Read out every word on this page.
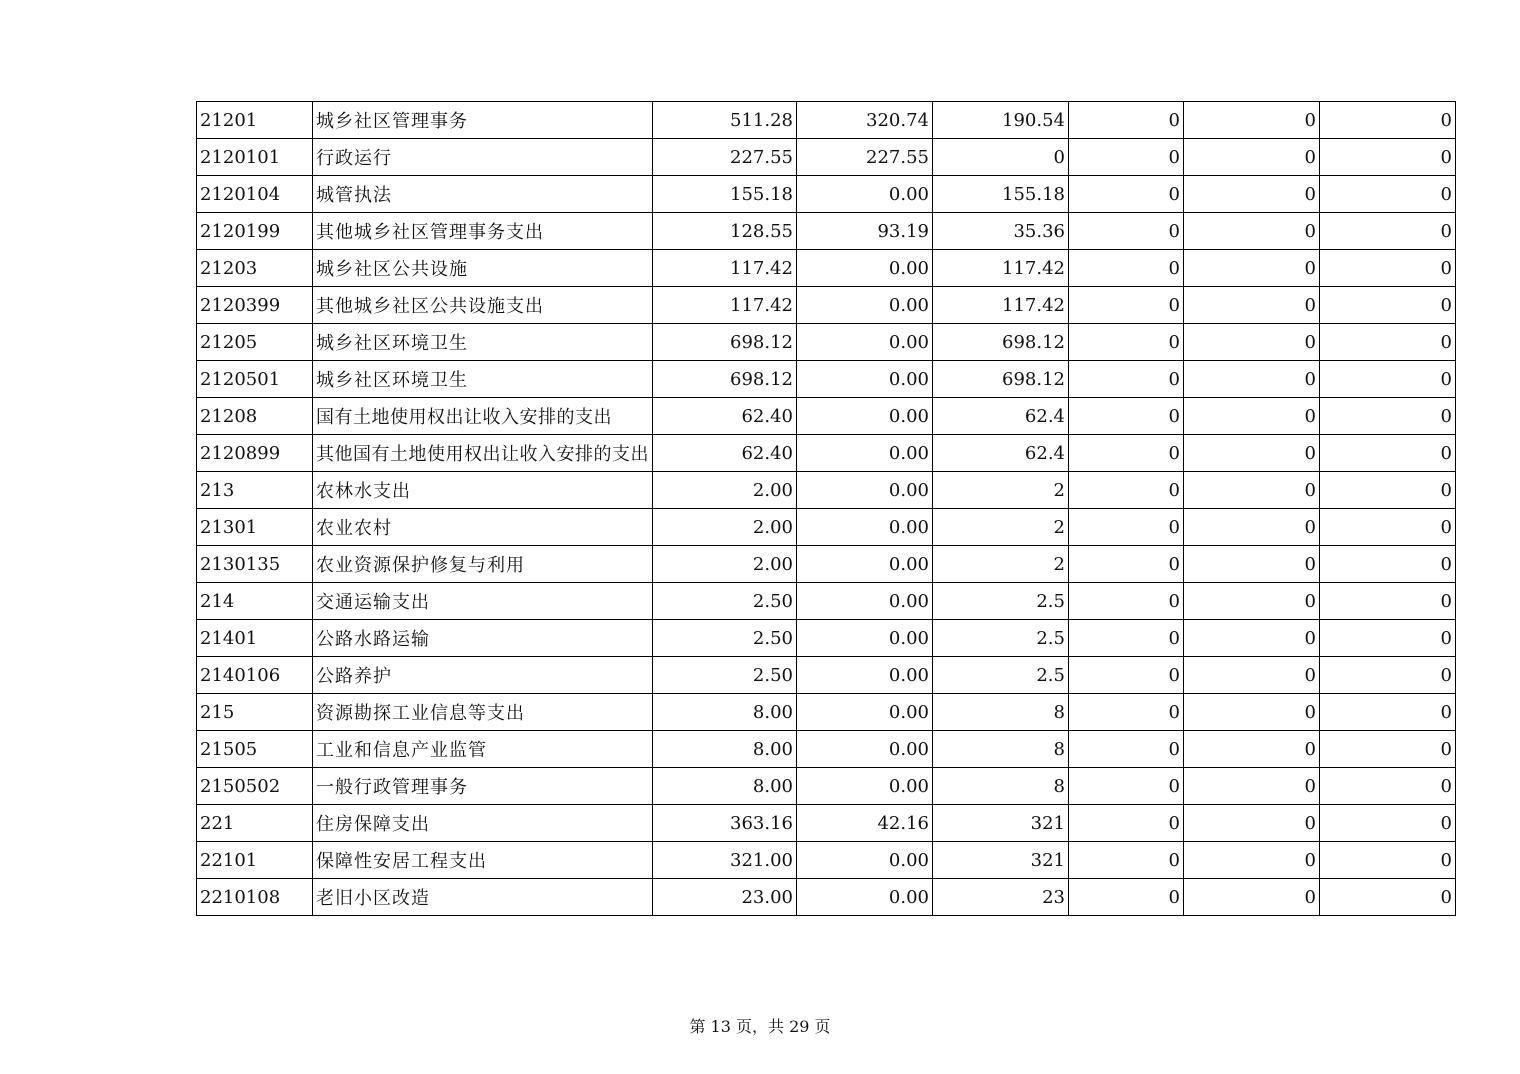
21201	城乡社区管理事务	511.28	320.74	190.54	0	0	0
2120101	行政运行	227.55	227.55	0	0	0	0
2120104	城管执法	155.18	0.00	155.18	0	0	0
2120199	其他城乡社区管理事务支出	128.55	93.19	35.36	0	0	0
21203	城乡社区公共设施	117.42	0.00	117.42	0	0	0
2120399	其他城乡社区公共设施支出	117.42	0.00	117.42	0	0	0
21205	城乡社区环境卫生	698.12	0.00	698.12	0	0	0
2120501	城乡社区环境卫生	698.12	0.00	698.12	0	0	0
21208	国有土地使用权出让收入安排的支出	62.40	0.00	62.4	0	0	0
2120899	其他国有土地使用权出让收入安排的支出	62.40	0.00	62.4	0	0	0
213	农林水支出	2.00	0.00	2	0	0	0
21301	农业农村	2.00	0.00	2	0	0	0
2130135	农业资源保护修复与利用	2.00	0.00	2	0	0	0
214	交通运输支出	2.50	0.00	2.5	0	0	0
21401	公路水路运输	2.50	0.00	2.5	0	0	0
2140106	公路养护	2.50	0.00	2.5	0	0	0
215	资源勘探工业信息等支出	8.00	0.00	8	0	0	0
21505	工业和信息产业监管	8.00	0.00	8	0	0	0
2150502	一般行政管理事务	8.00	0.00	8	0	0	0
221	住房保障支出	363.16	42.16	321	0	0	0
22101	保障性安居工程支出	321.00	0.00	321	0	0	0
2210108	老旧小区改造	23.00	0.00	23	0	0	0
第 13 页，共 29 页
